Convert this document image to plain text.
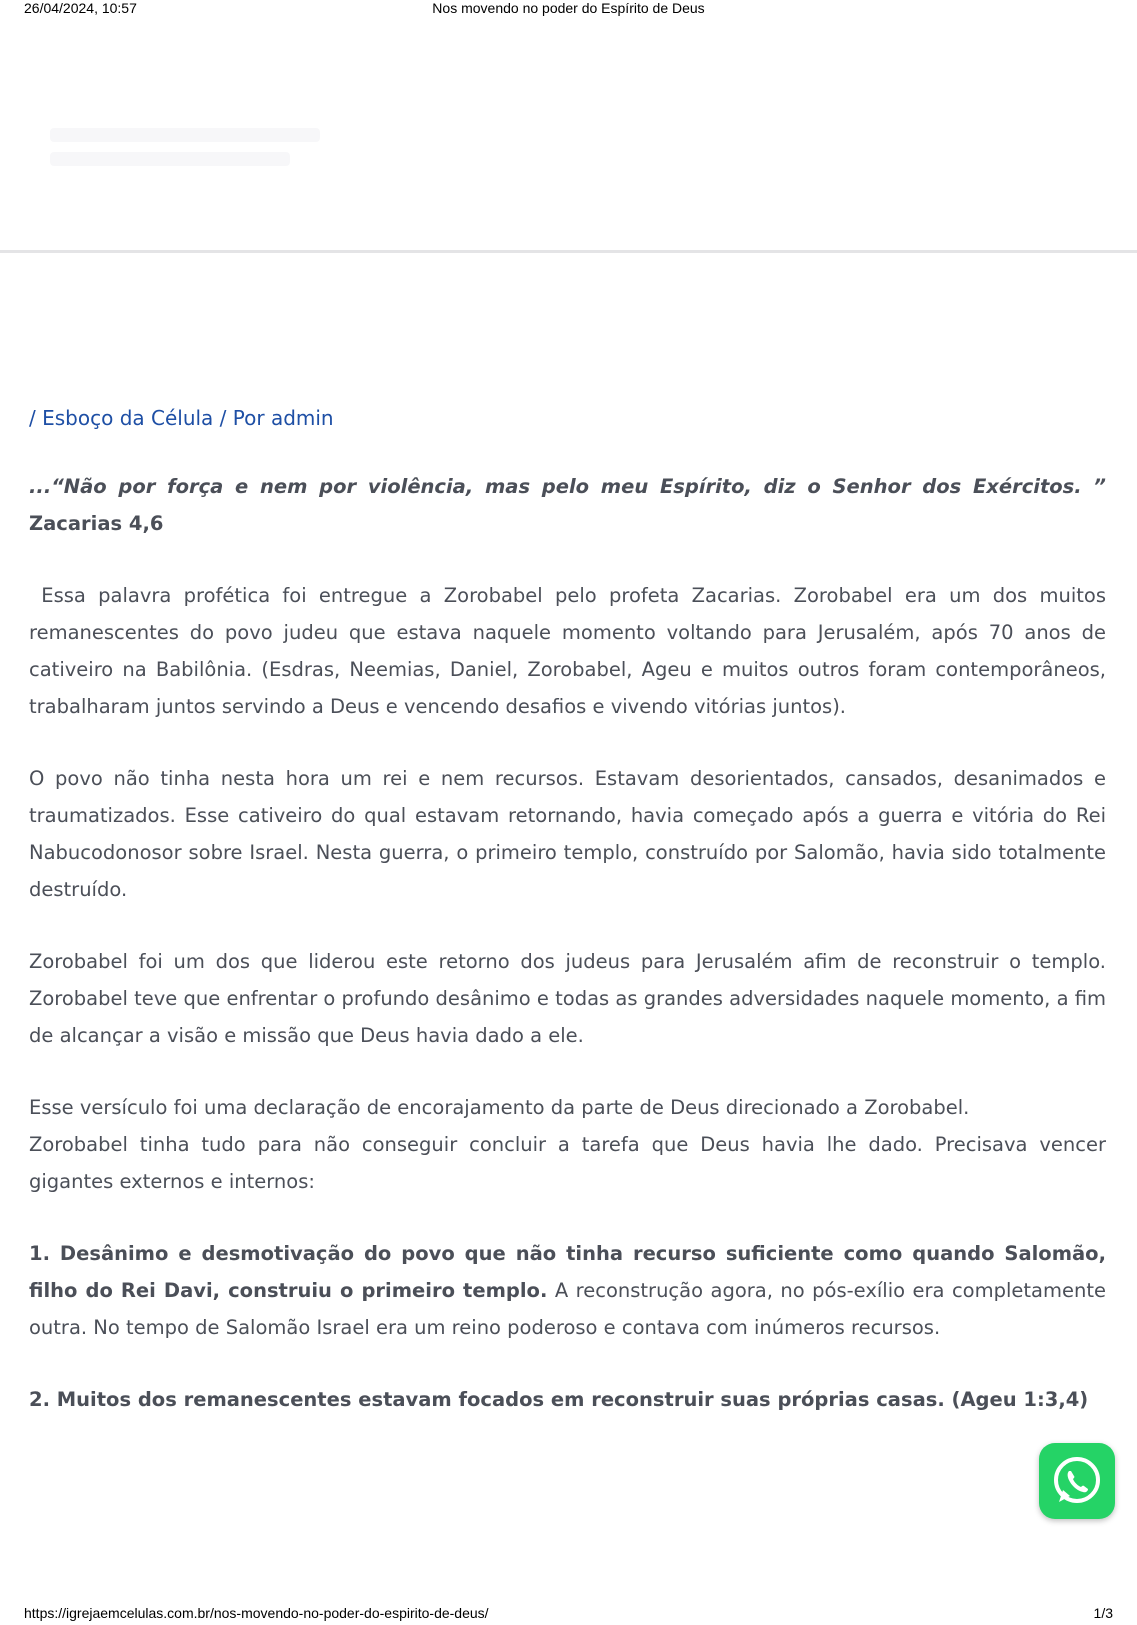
26/04/2024, 10:57	Nos movendo no poder do Espírito de Deus

/ Esboço da Célula / Por admin

...“Não por força e nem por violência, mas pelo meu Espírito, diz o Senhor dos Exércitos. ” Zacarias 4,6

Essa palavra profética foi entregue a Zorobabel pelo profeta Zacarias. Zorobabel era um dos muitos remanescentes do povo judeu que estava naquele momento voltando para Jerusalém, após 70 anos de cativeiro na Babilônia. (Esdras, Neemias, Daniel, Zorobabel, Ageu e muitos outros foram contemporâneos, trabalharam juntos servindo a Deus e vencendo desafios e vivendo vitórias juntos).

O povo não tinha nesta hora um rei e nem recursos. Estavam desorientados, cansados, desanimados e traumatizados. Esse cativeiro do qual estavam retornando, havia começado após a guerra e vitória do Rei Nabucodonosor sobre Israel. Nesta guerra, o primeiro templo, construído por Salomão, havia sido totalmente destruído.

Zorobabel foi um dos que liderou este retorno dos judeus para Jerusalém afim de reconstruir o templo. Zorobabel teve que enfrentar o profundo desânimo e todas as grandes adversidades naquele momento, a fim de alcançar a visão e missão que Deus havia dado a ele.

Esse versículo foi uma declaração de encorajamento da parte de Deus direcionado a Zorobabel.

Zorobabel tinha tudo para não conseguir concluir a tarefa que Deus havia lhe dado. Precisava vencer gigantes externos e internos:

1. Desânimo e desmotivação do povo que não tinha recurso suficiente como quando Salomão, filho do Rei Davi, construiu o primeiro templo. A reconstrução agora, no pós-exílio era completamente outra. No tempo de Salomão Israel era um reino poderoso e contava com inúmeros recursos.

2. Muitos dos remanescentes estavam focados em reconstruir suas próprias casas. (Ageu 1:3,4)

https://igrejaemcelulas.com.br/nos-movendo-no-poder-do-espirito-de-deus/	1/3
